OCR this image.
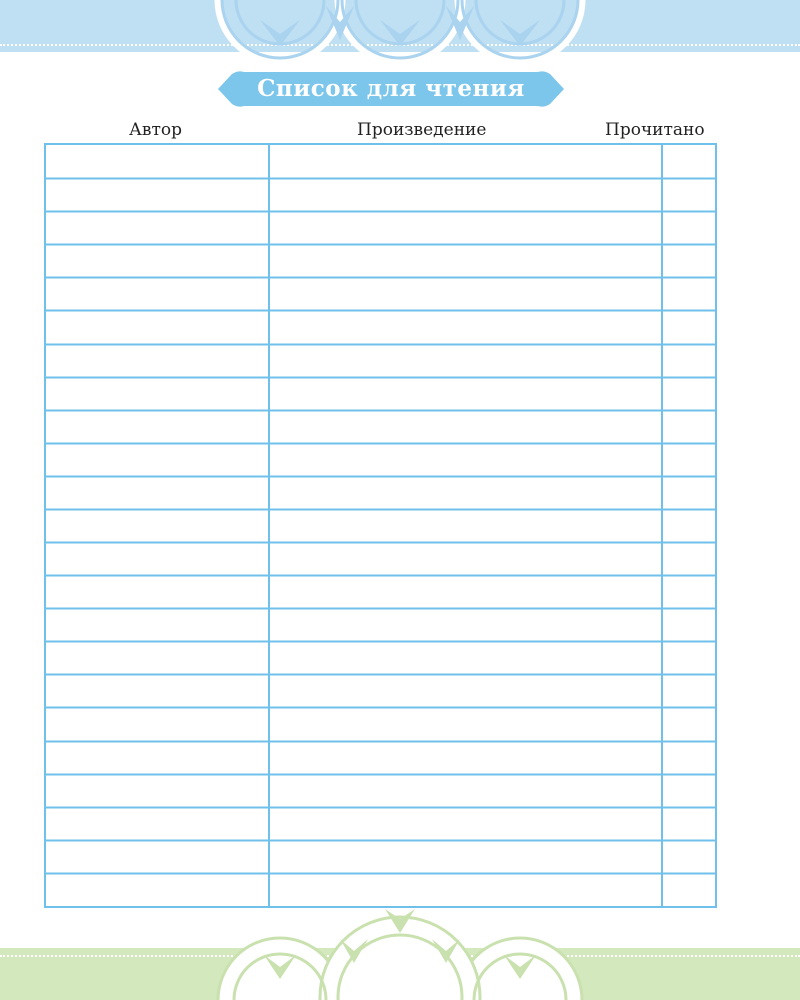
Список для чтения
Автор	Произведение	Прочитано
